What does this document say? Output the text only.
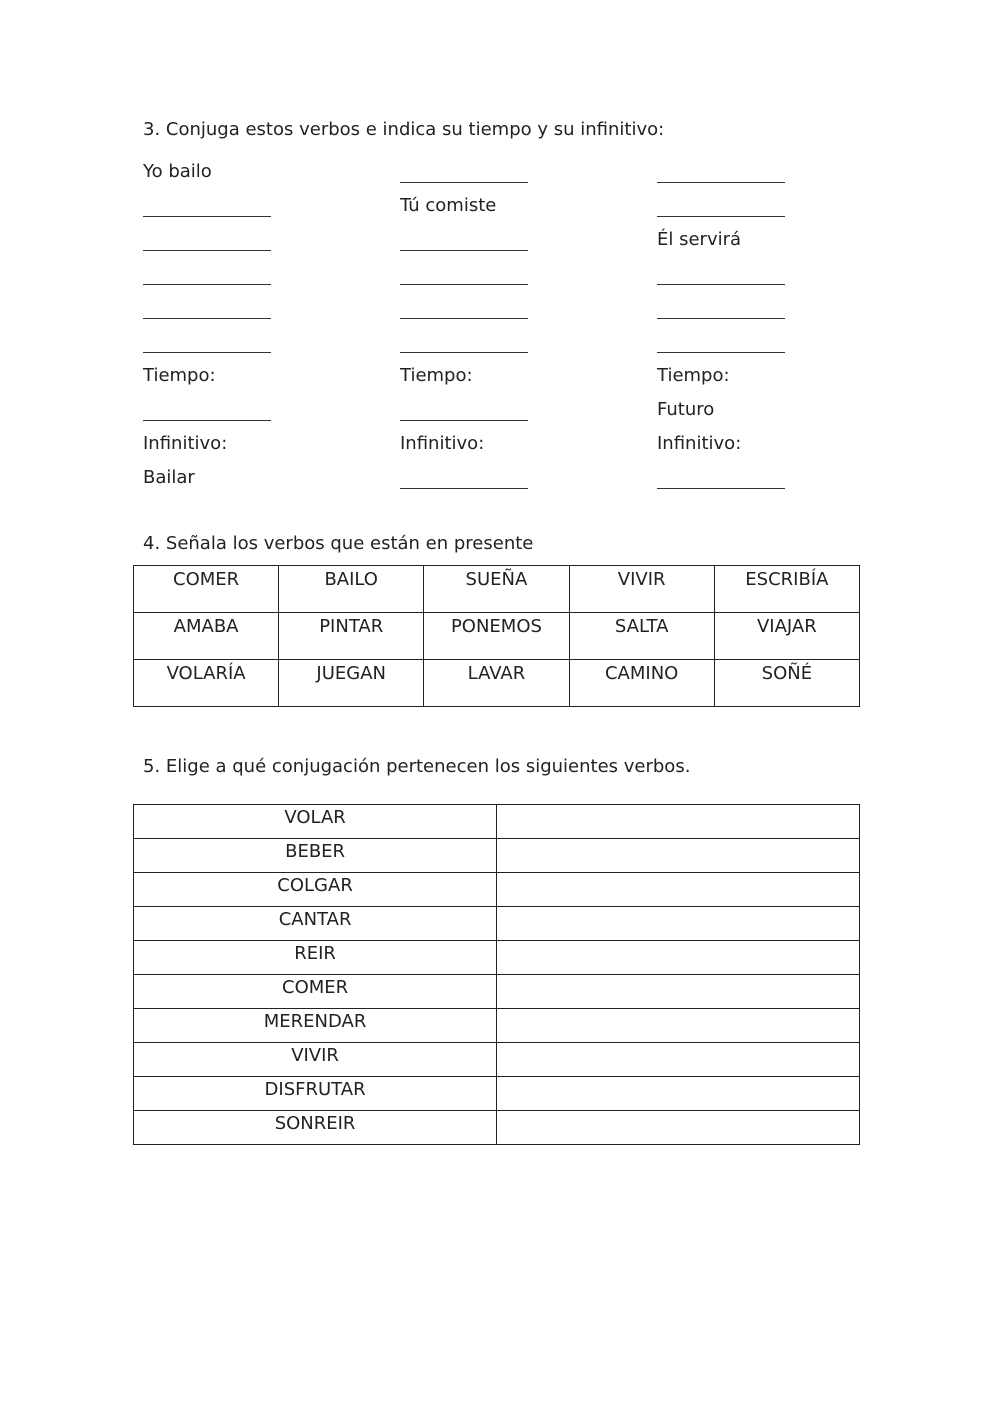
3. Conjuga estos verbos e indica su tiempo y su infinitivo:
Yo bailo
Tú comiste
Él servirá
Tiempo:	Tiempo:	Tiempo:
Futuro
Infinitivo:	Infinitivo:	Infinitivo:
Bailar
4. Señala los verbos que están en presente
COMER	BAILO	SUEÑA	VIVIR	ESCRIBÍA
AMABA	PINTAR	PONEMOS	SALTA	VIAJAR
VOLARÍA	JUEGAN	LAVAR	CAMINO	SOÑÉ
5. Elige a qué conjugación pertenecen los siguientes verbos.
VOLAR	
BEBER	
COLGAR	
CANTAR	
REIR	
COMER	
MERENDAR	
VIVIR	
DISFRUTAR	
SONREIR	
